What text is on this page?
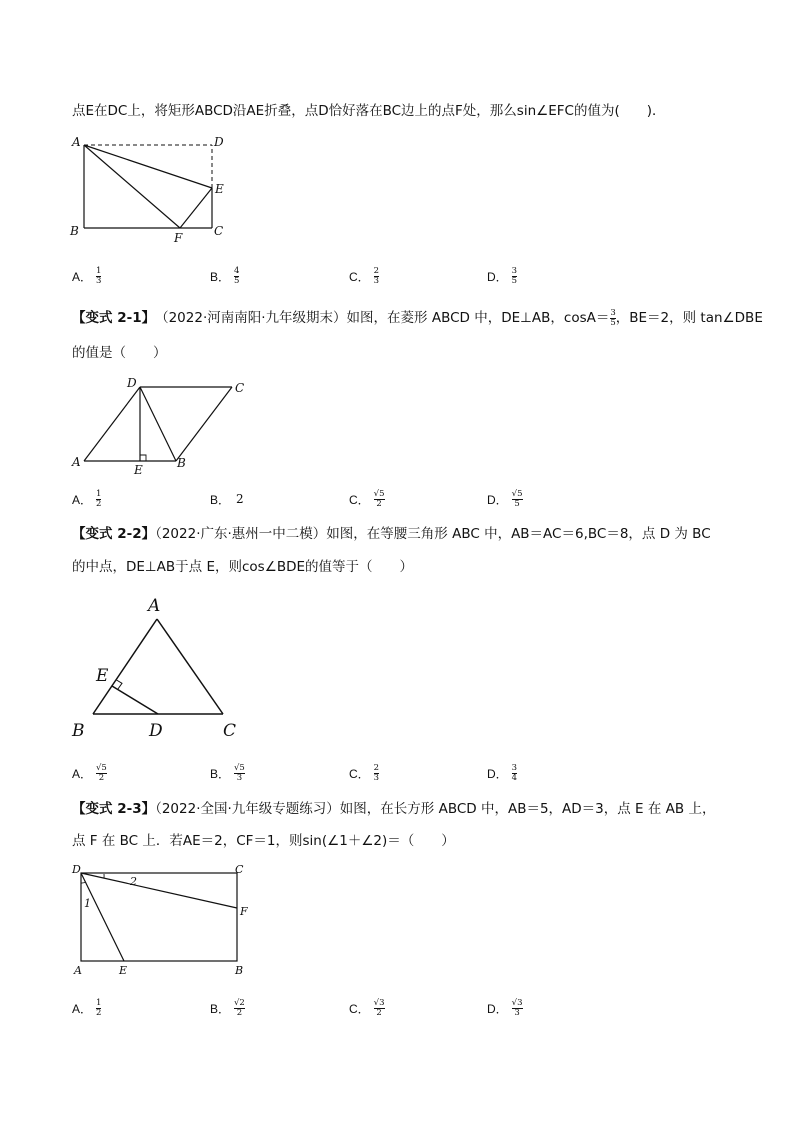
点E在DC上，将矩形ABCD沿AE折叠，点D恰好落在BC边上的点F处，那么sin∠EFC的值为(　　)．
A	D
E
B	F	C
A
D	C
E	B
A
E
B	D	C
D	C
F
A	E	B
1
2
A． $\frac{1}{3}$	B． $\frac{4}{5}$	C． $\frac{2}{3}$	D． $\frac{3}{5}$
【变式 2-1】 （2022·河南南阳·九年级期末） 如图，在菱形 ABCD 中，DE⊥AB，$\cos A= \frac{3}{5}$ ，BE＝2，则 tan∠DBE
的值是（　　）
A． $\frac{1}{2}$	B． 2	C． $\frac{√5}{2}$	D． $\frac{√5}{5}$
【变式 2-2】（2022·广东·惠州一中二模）如图，在等腰三角形 ABC 中，AB＝AC＝6,BC＝8，点 D 为 BC
的中点，DE⊥AB于点 E，则cos∠BDE的值等于（　　）
A． $\frac{√5}{2}$	B． $\frac{√5}{3}$	C． $\frac{2}{3}$	D． $\frac{3}{4}$
【变式 2-3】（2022·全国·九年级专题练习）如图，在长方形 ABCD 中，AB＝5，AD＝3，点 E 在 AB 上，
点 F 在 BC 上．若AE＝2，CF＝1，则sin(∠1＋∠2)＝（　　）
A． $\frac{1}{2}$	B． $\frac{√2}{2}$	C． $\frac{√3}{2}$	D． $\frac{√3}{3}$
